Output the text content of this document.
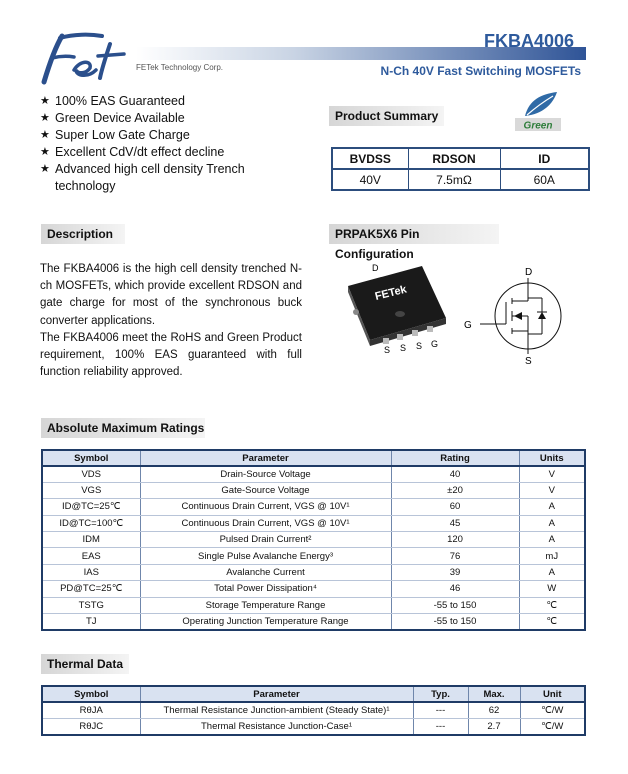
FETek Technology Corp.
FKBA4006
N-Ch 40V Fast Switching MOSFETs
★ 100% EAS Guaranteed
★ Green Device Available
★ Super Low Gate Charge
★ Excellent CdV/dt effect decline
★ Advanced high cell density Trench technology
Product Summary
Green
BVDSS	RDSON	ID
40V	7.5mΩ	60A
Description

The FKBA4006 is the high cell density trenched N-ch MOSFETs, which provide excellent RDSON and gate charge for most of the synchronous buck converter applications.

The FKBA4006 meet the RoHS and Green Product requirement, 100% EAS guaranteed with full function reliability approved.

PRPAK5X6 Pin Configuration
FETek
D
S S S G
D
G
S
Absolute Maximum Ratings
Symbol	Parameter	Rating	Units
VDS	Drain-Source Voltage	40	V
VGS	Gate-Source Voltage	±20	V
ID@TC=25℃	Continuous Drain Current, VGS @ 10V¹	60	A
ID@TC=100℃	Continuous Drain Current, VGS @ 10V¹	45	A
IDM	Pulsed Drain Current²	120	A
EAS	Single Pulse Avalanche Energy³	76	mJ
IAS	Avalanche Current	39	A
PD@TC=25℃	Total Power Dissipation⁴	46	W
TSTG	Storage Temperature Range	-55 to 150	℃
TJ	Operating Junction Temperature Range	-55 to 150	℃
Thermal Data
Symbol	Parameter	Typ.	Max.	Unit
RθJA	Thermal Resistance Junction-ambient (Steady State)¹	---	62	℃/W
RθJC	Thermal Resistance Junction-Case¹	---	2.7	℃/W
